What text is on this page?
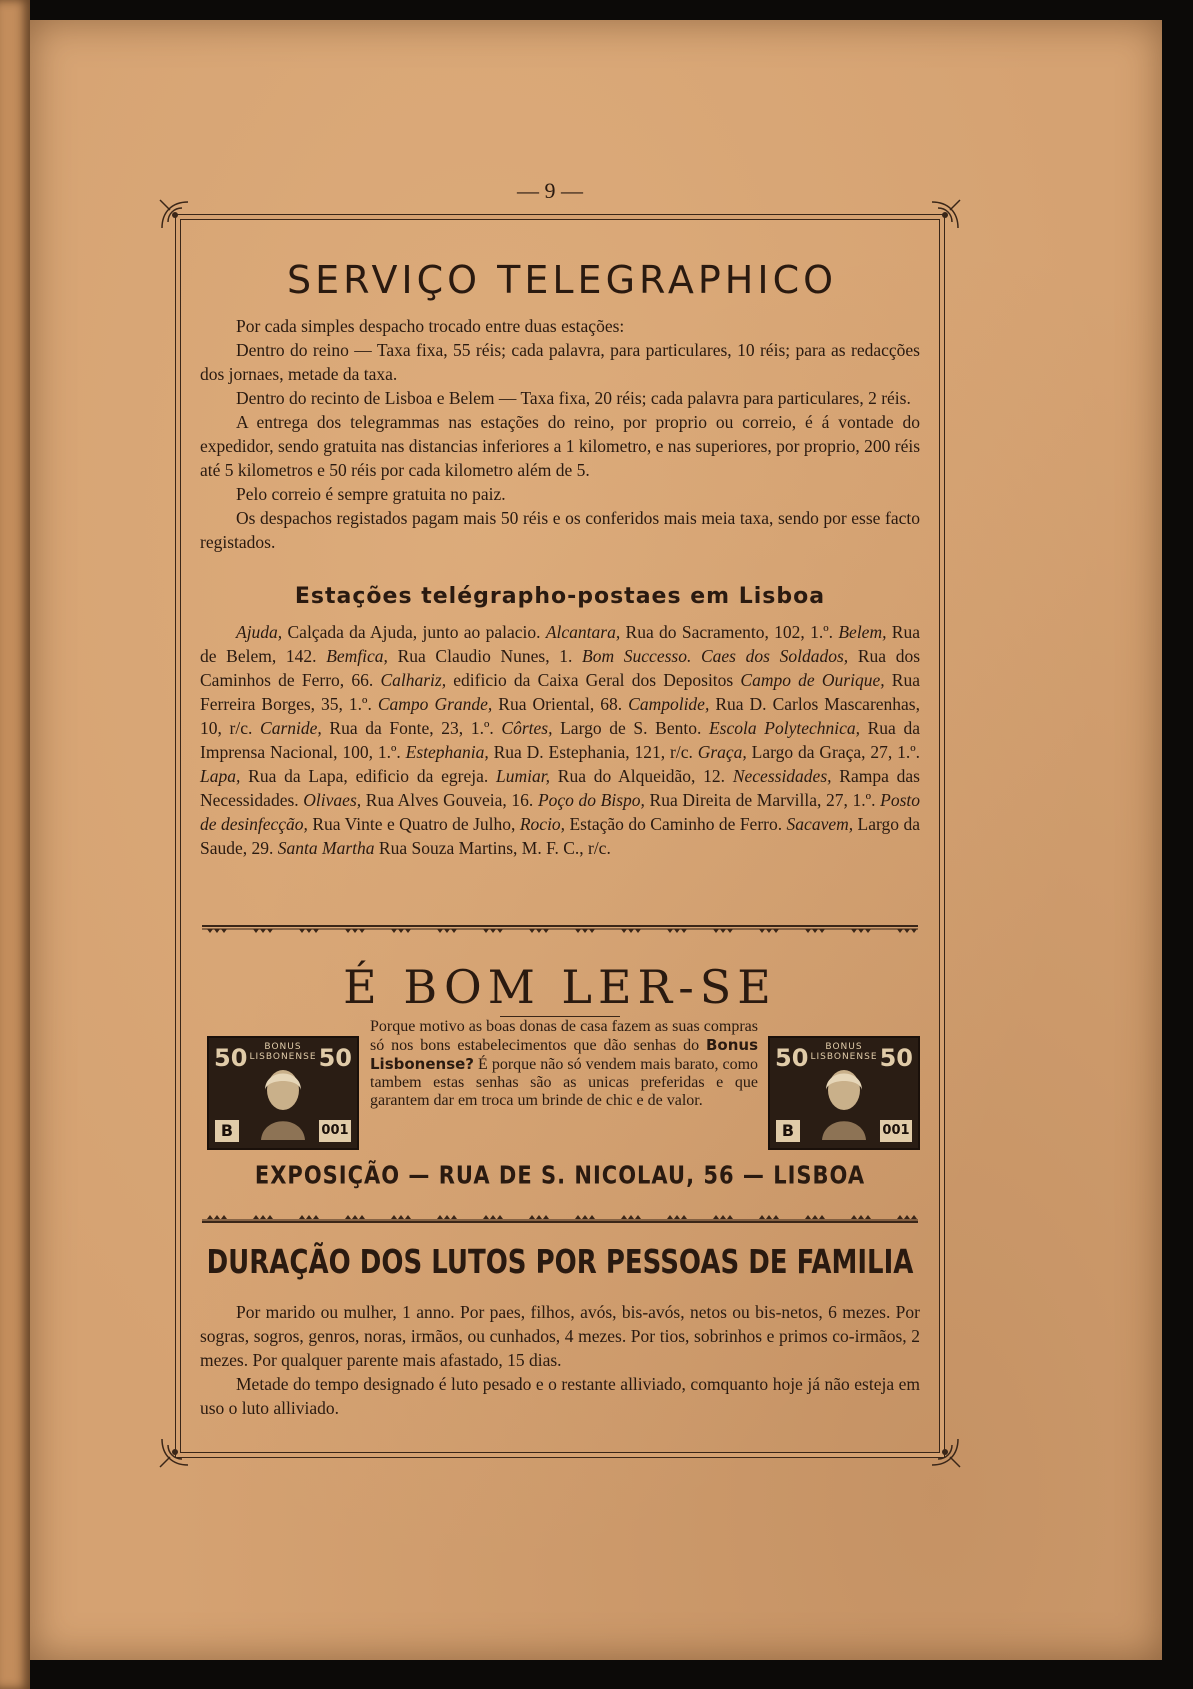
— 9 —
SERVIÇO TELEGRAPHICO

Por cada simples despacho trocado entre duas estações:

Dentro do reino — Taxa fixa, 55 réis; cada palavra, para particulares, 10 réis; para as redacções dos jornaes, metade da taxa.

Dentro do recinto de Lisboa e Belem — Taxa fixa, 20 réis; cada palavra para particulares, 2 réis.

A entrega dos telegrammas nas estações do reino, por proprio ou correio, é á vontade do expedidor, sendo gratuita nas distancias inferiores a 1 kilometro, e nas superiores, por proprio, 200 réis até 5 kilometros e 50 réis por cada kilometro além de 5.

Pelo correio é sempre gratuita no paiz.

Os despachos registados pagam mais 50 réis e os conferidos mais meia taxa, sendo por esse facto registados.

Estações telégrapho-postaes em Lisboa

Ajuda, Calçada da Ajuda, junto ao palacio. Alcantara, Rua do Sacramento, 102, 1.º. Belem, Rua de Belem, 142. Bemfica, Rua Claudio Nunes, 1. Bom Successo. Caes dos Soldados, Rua dos Caminhos de Ferro, 66. Calhariz, edificio da Caixa Geral dos Depositos Campo de Ourique, Rua Ferreira Borges, 35, 1.º. Campo Grande, Rua Oriental, 68. Campolide, Rua D. Carlos Mascarenhas, 10, r/c. Carnide, Rua da Fonte, 23, 1.º. Côrtes, Largo de S. Bento. Escola Polytechnica, Rua da Imprensa Nacional, 100, 1.º. Estephania, Rua D. Estephania, 121, r/c. Graça, Largo da Graça, 27, 1.º. Lapa, Rua da Lapa, edificio da egreja. Lumiar, Rua do Alqueidão, 12. Necessidades, Rampa das Necessidades. Olivaes, Rua Alves Gouveia, 16. Poço do Bispo, Rua Direita de Marvilla, 27, 1.º. Posto de desinfecção, Rua Vinte e Quatro de Julho, Rocio, Estação do Caminho de Ferro. Sacavem, Largo da Saude, 29. Santa Martha Rua Souza Martins, M. F. C., r/c.

É BOM LER-SE
50	50
BONUS LISBONENSE
B	001
50	50
BONUS LISBONENSE
B	001
Porque motivo as boas donas de casa fazem as suas compras só nos bons estabelecimentos que dão senhas do Bonus Lisbonense? É porque não só vendem mais barato, como tambem estas senhas são as unicas preferidas e que garantem dar em troca um brinde de chic e de valor.
EXPOSIÇÃO — RUA DE S. NICOLAU, 56 — LISBOA
DURAÇÃO DOS LUTOS POR PESSOAS DE FAMILIA

Por marido ou mulher, 1 anno. Por paes, filhos, avós, bis-avós, netos ou bis-netos, 6 mezes. Por sogras, sogros, genros, noras, irmãos, ou cunhados, 4 mezes. Por tios, sobrinhos e primos co-irmãos, 2 mezes. Por qualquer parente mais afastado, 15 dias.

Metade do tempo designado é luto pesado e o restante alliviado, comquanto hoje já não esteja em uso o luto alliviado.
